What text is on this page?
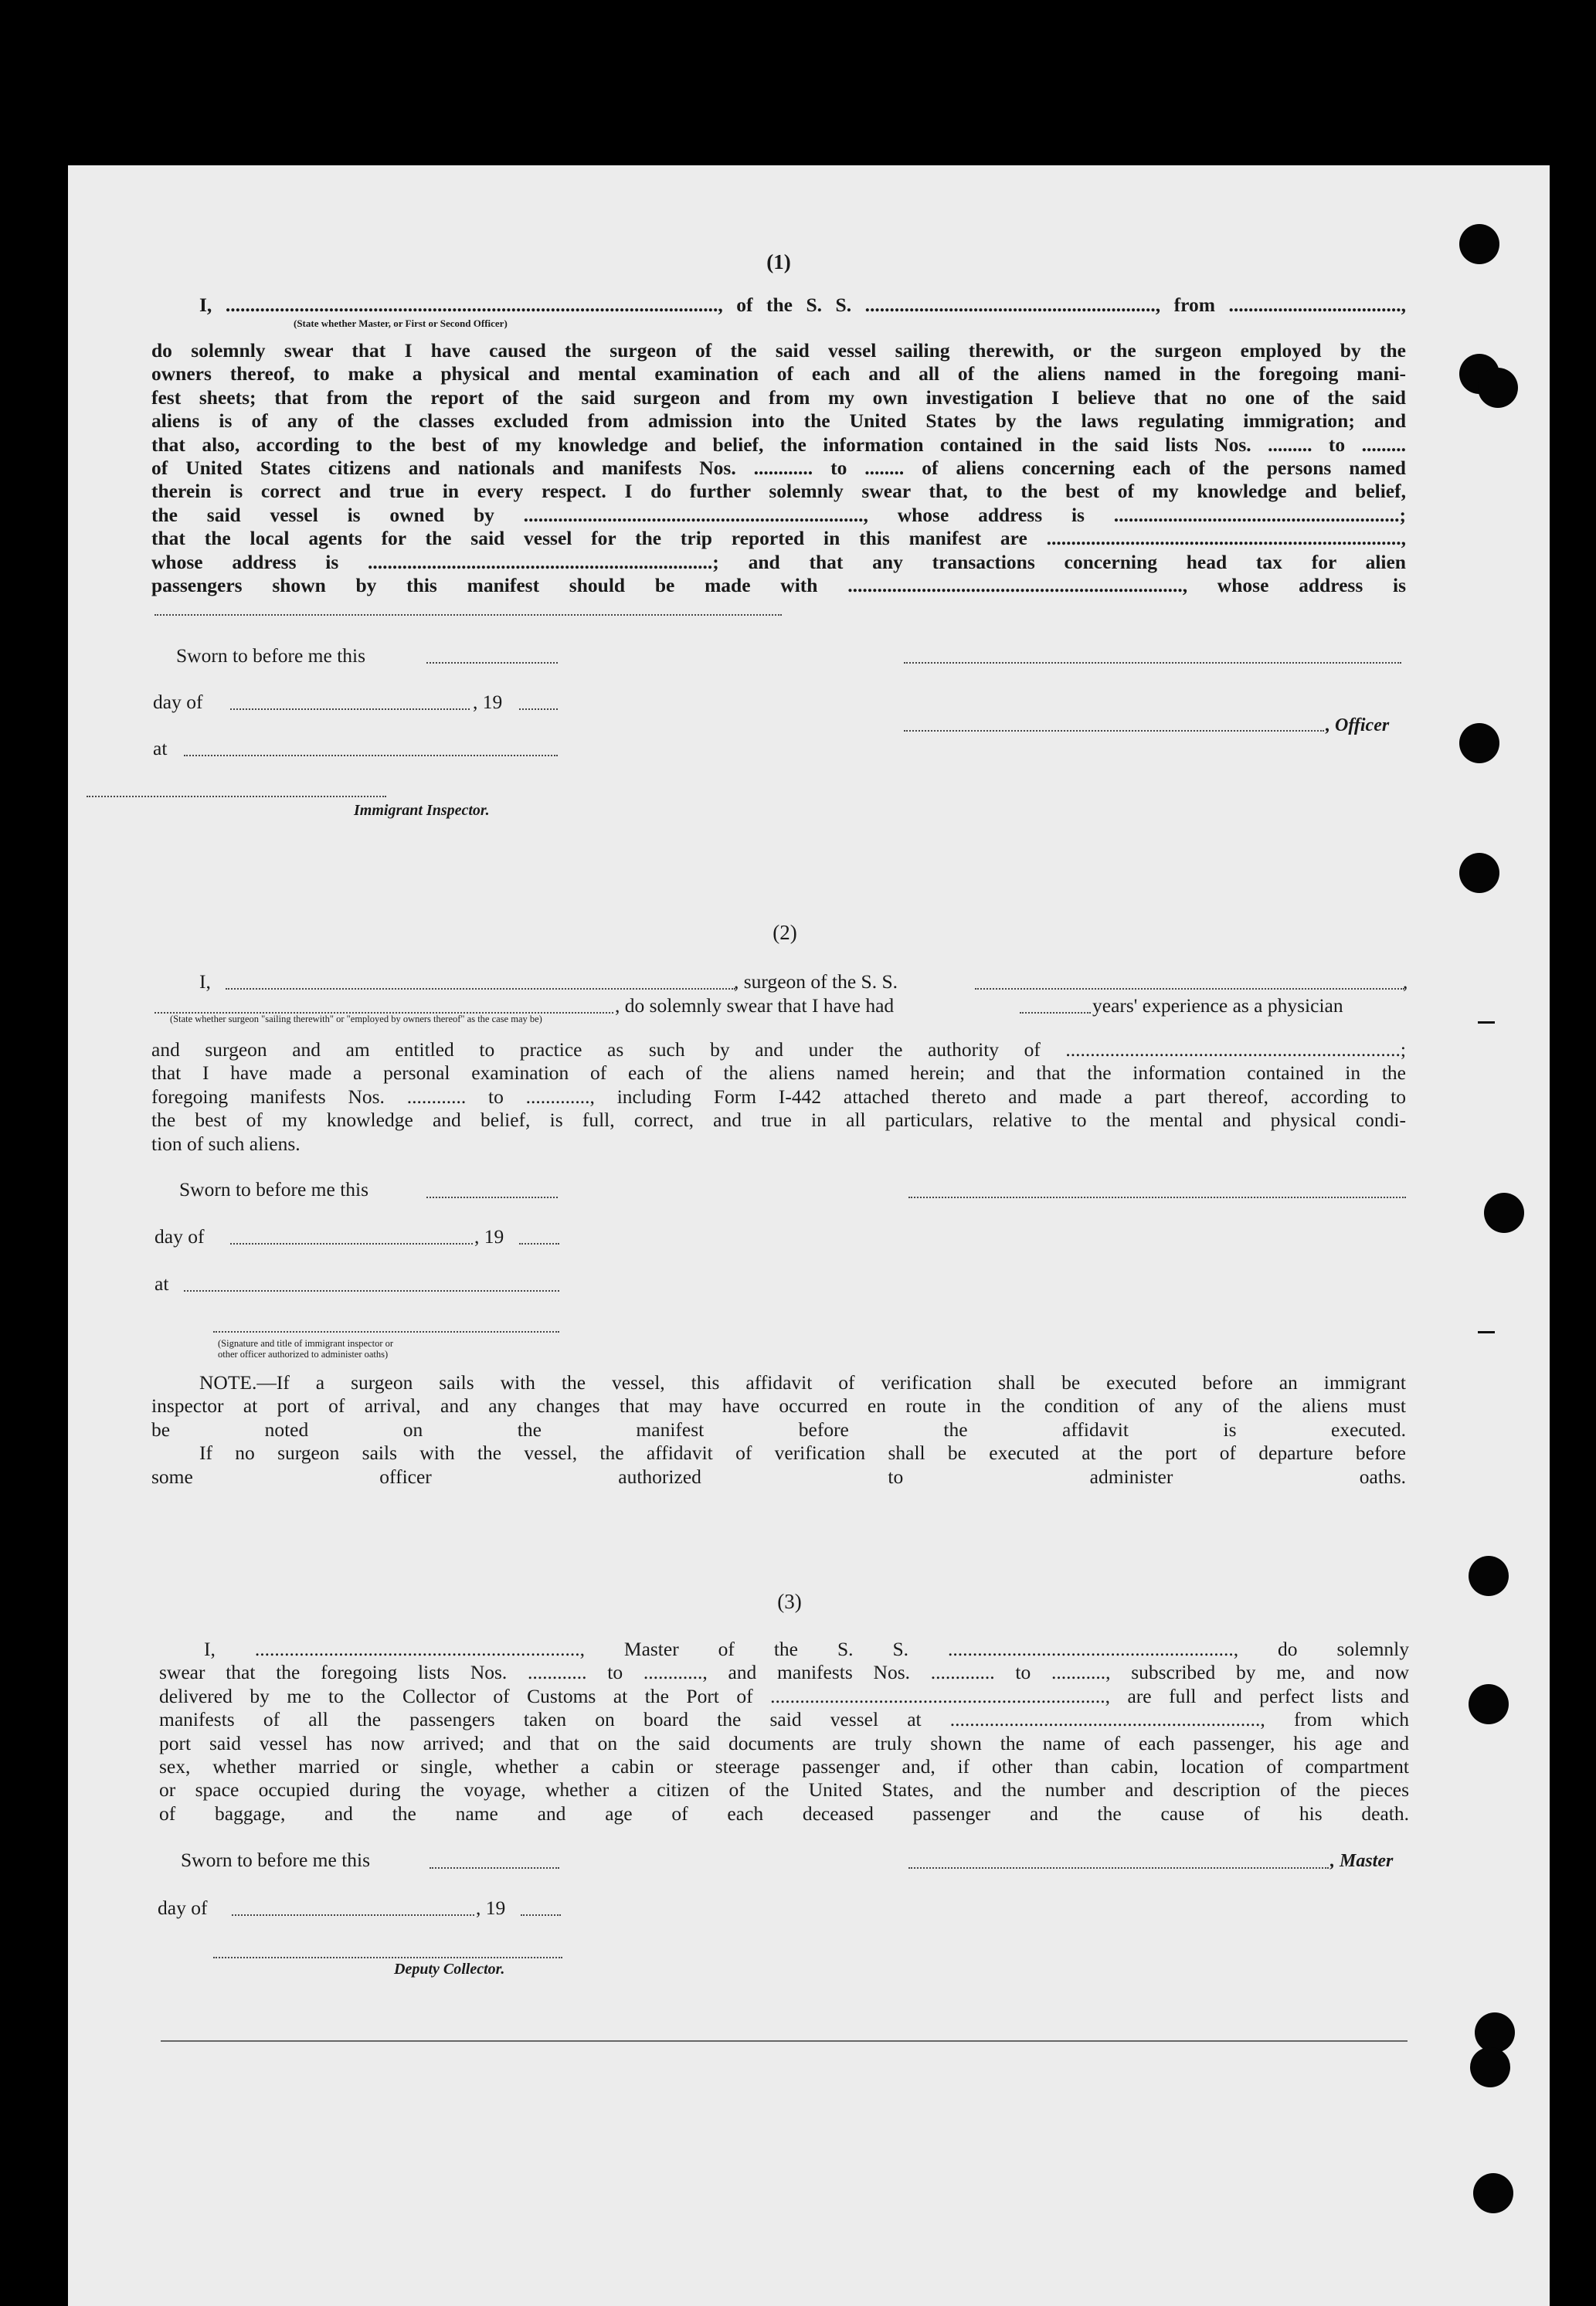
(1)
I, ...................................................................................................., of the S. S. ..........................................................., from ...................................,
(State whether Master, or First or Second Officer)
do solemnly swear that I have caused the surgeon of the said vessel sailing therewith, or the surgeon employed by the
owners thereof, to make a physical and mental examination of each and all of the aliens named in the foregoing mani-
fest sheets; that from the report of the said surgeon and from my own investigation I believe that no one of the said
aliens is of any of the classes excluded from admission into the United States by the laws regulating immigration; and
that also, according to the best of my knowledge and belief, the information contained in the said lists Nos. ......... to .........
of United States citizens and nationals and manifests Nos. ............ to ........ of aliens concerning each of the persons named
therein is correct and true in every respect. I do further solemnly swear that, to the best of my knowledge and belief,
the said vessel is owned by ....................................................................., whose address is ..........................................................;
that the local agents for the said vessel for the trip reported in this manifest are ........................................................................,
whose address is ......................................................................; and that any transactions concerning head tax for alien
passengers shown by this manifest should be made with ...................................................................., whose address is
Sworn to before me this
day of	, 19
, Officer
at
Immigrant Inspector.
(2)
I,	, surgeon of the S. S.	,
, do solemnly swear that I have had	years' experience as a physician
(State whether surgeon "sailing therewith" or "employed by owners thereof" as the case may be)
and surgeon and am entitled to practice as such by and under the authority of ....................................................................;
that I have made a personal examination of each of the aliens named herein; and that the information contained in the
foregoing manifests Nos. ............ to ............., including Form I-442 attached thereto and made a part thereof, according to
the best of my knowledge and belief, is full, correct, and true in all particulars, relative to the mental and physical condi-
tion of such aliens.
Sworn to before me this
day of	, 19
at
(Signature and title of immigrant inspector or
other officer authorized to administer oaths)
NOTE.—If a surgeon sails with the vessel, this affidavit of verification shall be executed before an immigrant
inspector at port of arrival, and any changes that may have occurred en route in the condition of any of the aliens must
be noted on the manifest before the affidavit is executed.
If no surgeon sails with the vessel, the affidavit of verification shall be executed at the port of departure before
some officer authorized to administer oaths.
(3)
I, .................................................................., Master of the S. S. .........................................................., do solemnly
swear that the foregoing lists Nos. ............ to ............, and manifests Nos. ............. to ..........., subscribed by me, and now
delivered by me to the Collector of Customs at the Port of ...................................................................., are full and perfect lists and
manifests of all the passengers taken on board the said vessel at ..............................................................., from which
port said vessel has now arrived; and that on the said documents are truly shown the name of each passenger, his age and
sex, whether married or single, whether a cabin or steerage passenger and, if other than cabin, location of compartment
or space occupied during the voyage, whether a citizen of the United States, and the number and description of the pieces
of baggage, and the name and age of each deceased passenger and the cause of his death.
Sworn to before me this	, Master
day of	, 19
Deputy Collector.
